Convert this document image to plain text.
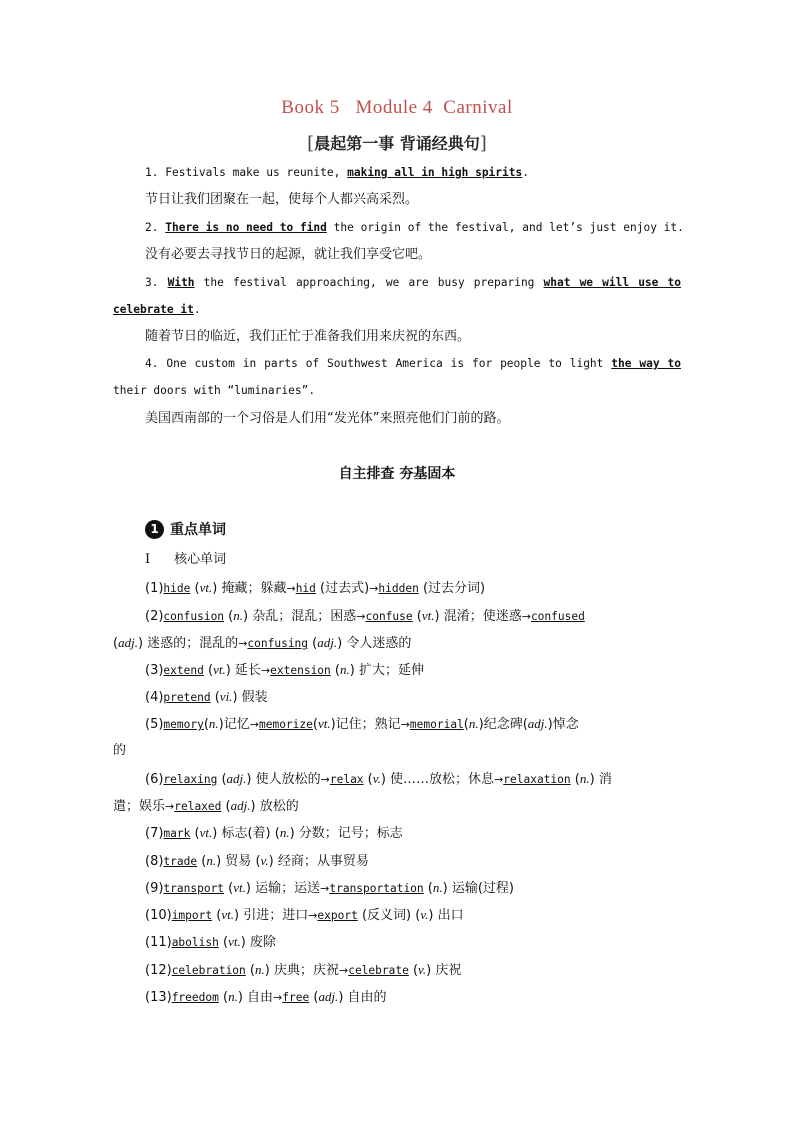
Book 5   Module 4  Carnival
[晨起第一事 背诵经典句]
1. Festivals make us reunite, making all in high spirits.
节日让我们团聚在一起，使每个人都兴高采烈。
2. There is no need to find the origin of the festival, and let’s just enjoy it.
没有必要去寻找节日的起源，就让我们享受它吧。
3. With the festival approaching, we are busy preparing what we will use to
celebrate it.
随着节日的临近，我们正忙于准备我们用来庆祝的东西。
4. One custom in parts of Southwest America is for people to light the way to
their doors with “luminaries”.
美国西南部的一个习俗是人们用“发光体”来照亮他们门前的路。
自主排查 夯基固本
1 重点单词
Ⅰ 核心单词
(1)hide (vt.) 掩藏；躲藏→hid (过去式)→hidden (过去分词)
(2)confusion (n.) 杂乱；混乱；困惑→confuse (vt.) 混淆；使迷惑→confused
(adj.) 迷惑的；混乱的→confusing (adj.) 令人迷惑的
(3)extend (vt.) 延长→extension (n.) 扩大；延伸
(4)pretend (vi.) 假装
(5)memory(n.)记忆→memorize(vt.)记住；熟记→memorial(n.)纪念碑(adj.)悼念
的
(6)relaxing (adj.) 使人放松的→relax (v.) 使……放松；休息→relaxation (n.) 消
遣；娱乐→relaxed (adj.) 放松的
(7)mark (vt.) 标志(着) (n.) 分数；记号；标志
(8)trade (n.) 贸易 (v.) 经商；从事贸易
(9)transport (vt.) 运输；运送→transportation (n.) 运输(过程)
(10)import (vt.) 引进；进口→export (反义词) (v.) 出口
(11)abolish (vt.) 废除
(12)celebration (n.) 庆典；庆祝→celebrate (v.) 庆祝
(13)freedom (n.) 自由→free (adj.) 自由的
